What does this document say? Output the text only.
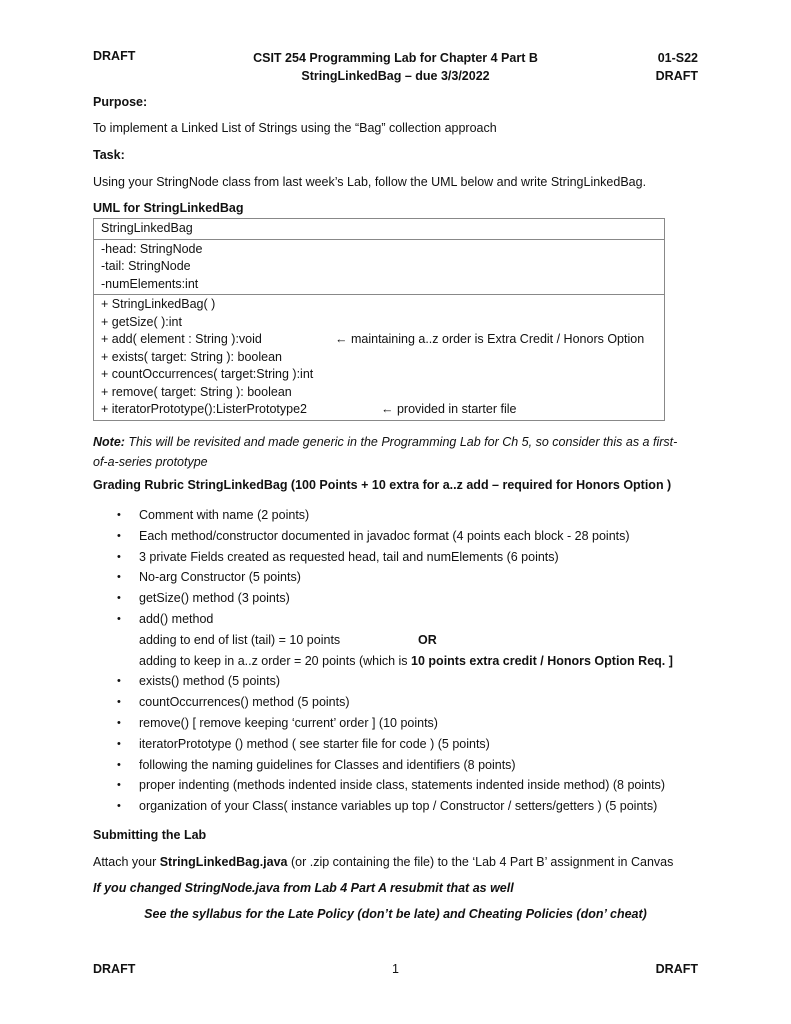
DRAFT	CSIT 254 Programming Lab for Chapter 4 Part B
StringLinkedBag – due 3/3/2022
01-S22
DRAFT
Purpose:
To implement a Linked List of Strings using the “Bag” collection approach
Task:
Using your StringNode class from last week’s Lab, follow the UML below and write StringLinkedBag.
UML for StringLinkedBag
StringLinkedBag
-head: StringNode
-tail: StringNode
-numElements:int
+ StringLinkedBag( )
+ getSize( ):int
+ add( element : String ):void	← maintaining a..z order is Extra Credit / Honors Option
+ exists( target: String ): boolean
+ countOccurrences( target:String ):int
+ remove( target: String ): boolean
+ iteratorPrototype():ListerPrototype2	← provided in starter file
Note: This will be revisited and made generic in the Programming Lab for Ch 5, so consider this as a first-
of-a-series prototype
Grading Rubric StringLinkedBag (100 Points + 10 extra for a..z add – required for Honors Option )
• Comment with name (2 points)
• Each method/constructor documented in javadoc format (4 points each block - 28 points)
• 3 private Fields created as requested head, tail and numElements (6 points)
• No-arg Constructor (5 points)
• getSize() method (3 points)
• add() method
adding to end of list (tail) = 10 points	OR
adding to keep in a..z order = 20 points (which is 10 points extra credit / Honors Option Req. ]
• exists() method (5 points)
• countOccurrences() method (5 points)
• remove() [ remove keeping ‘current’ order ] (10 points)
• iteratorPrototype () method ( see starter file for code ) (5 points)
• following the naming guidelines for Classes and identifiers (8 points)
• proper indenting (methods indented inside class, statements indented inside method) (8 points)
• organization of your Class( instance variables up top / Constructor / setters/getters ) (5 points)
Submitting the Lab
Attach your StringLinkedBag.java (or .zip containing the file) to the ‘Lab 4 Part B’ assignment in Canvas
If you changed StringNode.java from Lab 4 Part A resubmit that as well
See the syllabus for the Late Policy (don’t be late) and Cheating Policies (don’ cheat)
DRAFT	1	DRAFT
